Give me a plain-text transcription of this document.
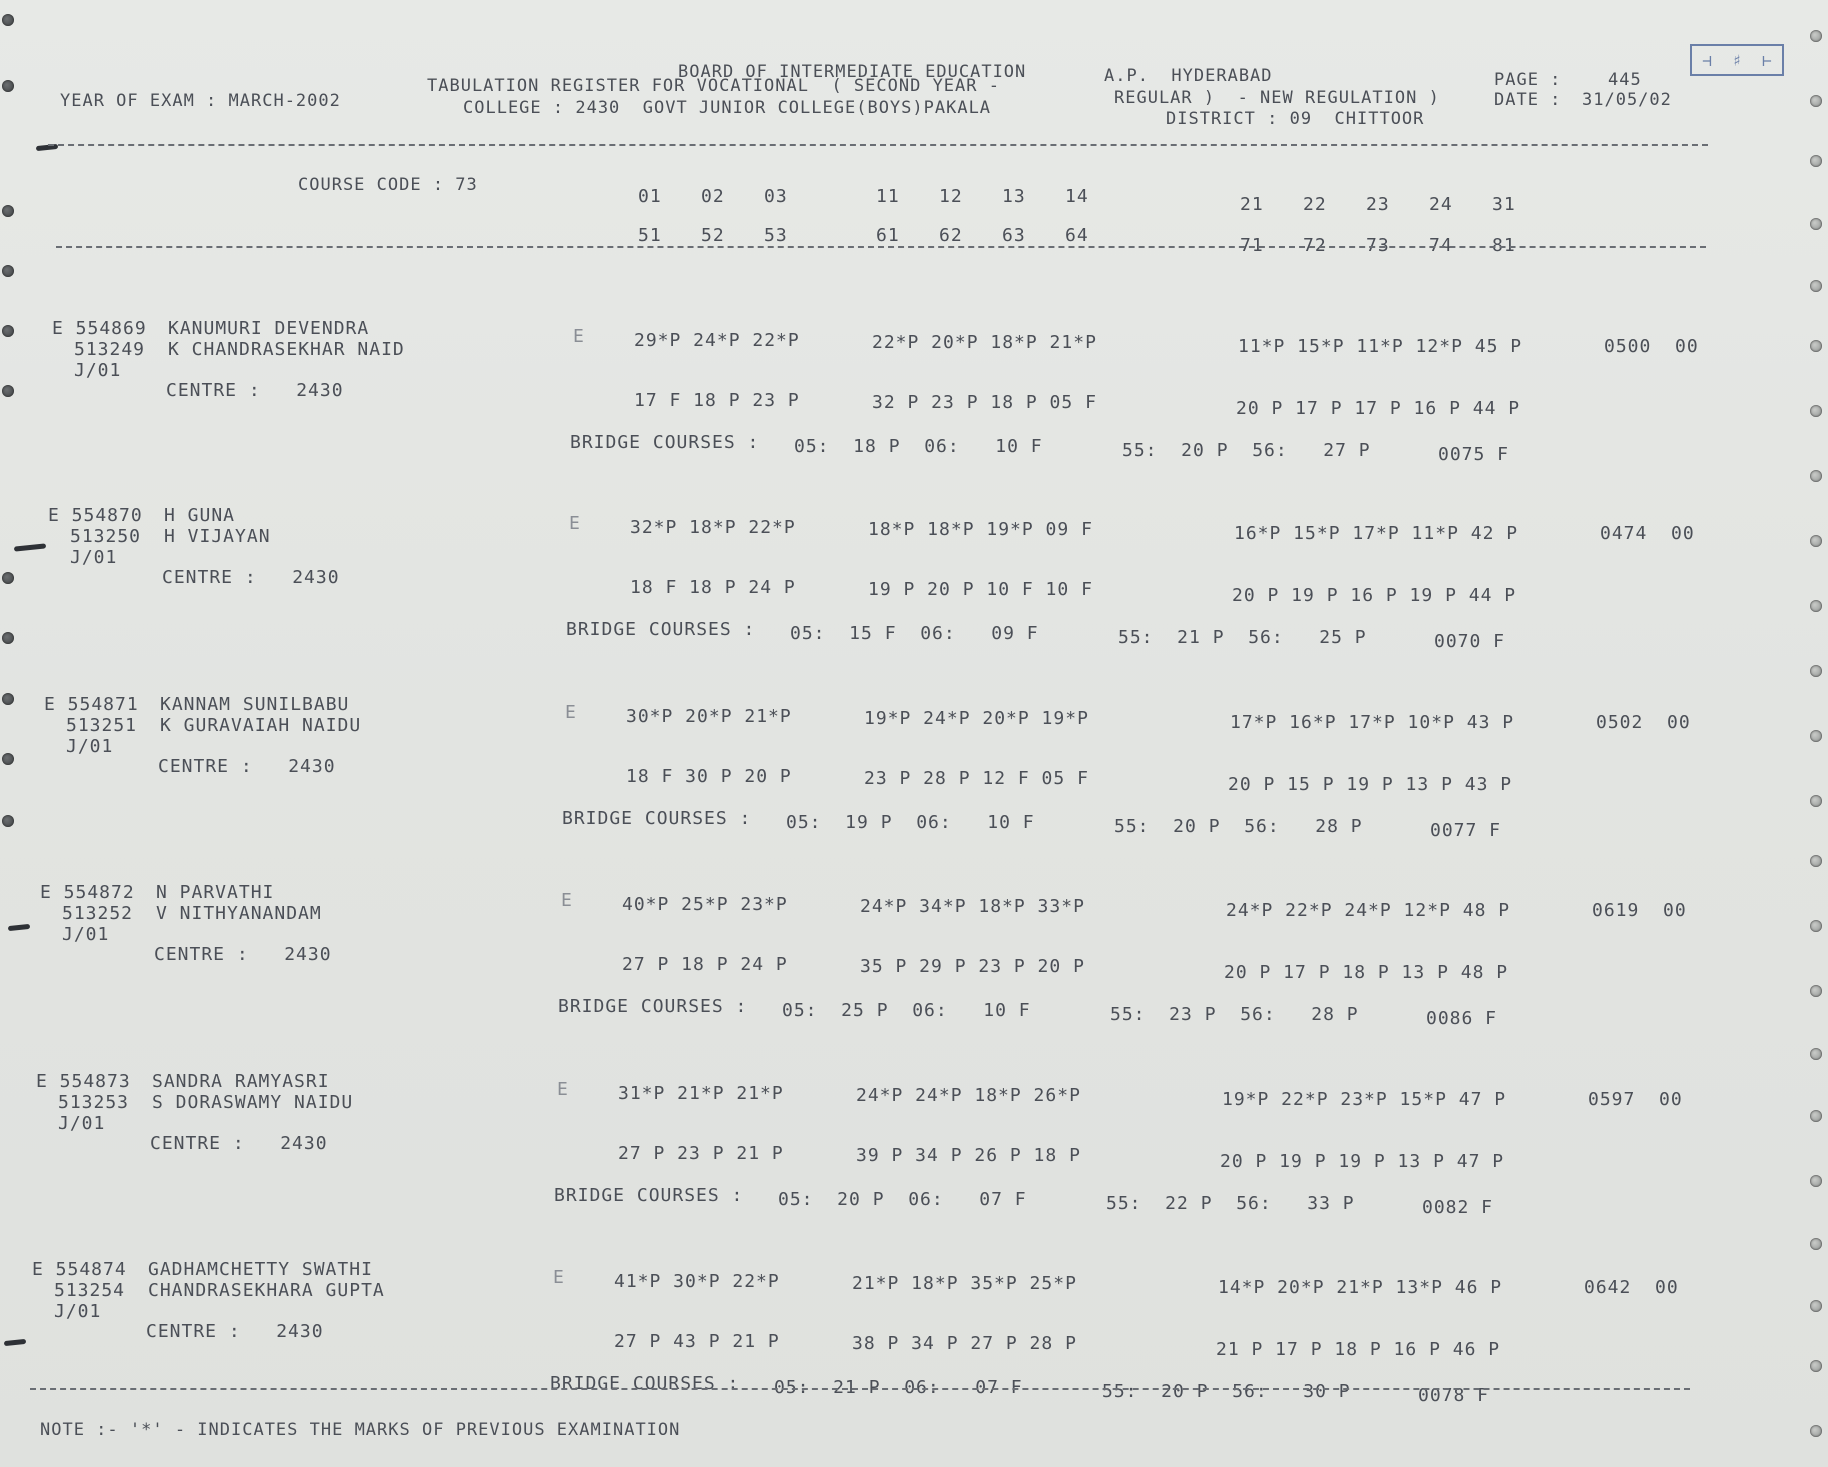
BOARD OF INTERMEDIATE EDUCATION	A.P.  HYDERABAD	PAGE :	445
⊣ ♯ ⊢
YEAR OF EXAM : MARCH-2002
TABULATION REGISTER FOR VOCATIONAL  ( SECOND YEAR -
REGULAR )  - NEW REGULATION )	DATE : 31/05/02
COLLEGE : 2430  GOVT JUNIOR COLLEGE(BOYS)PAKALA
DISTRICT : 09  CHITTOOR
COURSE CODE : 73
01 02 03	11 12 13 14	21 22 23 24 31
51 52 53	61 62 63 64	71 72 73 74 81
E 554869 KANUMURI DEVENDRA
513249 K CHANDRASEKHAR NAID
J/01
CENTRE :   2430
E	29*P 24*P 22*P	22*P 20*P 18*P 21*P	11*P 15*P 11*P 12*P 45 P	0500  00
17 F 18 P 23 P	32 P 23 P 18 P 05 F	20 P 17 P 17 P 16 P 44 P
BRIDGE COURSES : 05:  18 P  06:   10 F	55:  20 P  56:   27 P	0075 F
E 554870 H GUNA
513250 H VIJAYAN
J/01
CENTRE :   2430
E	32*P 18*P 22*P	18*P 18*P 19*P 09 F	16*P 15*P 17*P 11*P 42 P	0474  00
18 F 18 P 24 P	19 P 20 P 10 F 10 F	20 P 19 P 16 P 19 P 44 P
BRIDGE COURSES : 05:  15 F  06:   09 F	55:  21 P  56:   25 P	0070 F
E 554871 KANNAM SUNILBABU
513251 K GURAVAIAH NAIDU
J/01
CENTRE :   2430
E	30*P 20*P 21*P	19*P 24*P 20*P 19*P	17*P 16*P 17*P 10*P 43 P	0502  00
18 F 30 P 20 P	23 P 28 P 12 F 05 F	20 P 15 P 19 P 13 P 43 P
BRIDGE COURSES : 05:  19 P  06:   10 F	55:  20 P  56:   28 P	0077 F
E 554872 N PARVATHI
513252 V NITHYANANDAM
J/01
CENTRE :   2430
E	40*P 25*P 23*P	24*P 34*P 18*P 33*P	24*P 22*P 24*P 12*P 48 P	0619  00
27 P 18 P 24 P	35 P 29 P 23 P 20 P	20 P 17 P 18 P 13 P 48 P
BRIDGE COURSES : 05:  25 P  06:   10 F	55:  23 P  56:   28 P	0086 F
E 554873 SANDRA RAMYASRI
513253 S DORASWAMY NAIDU
J/01
CENTRE :   2430
E	31*P 21*P 21*P	24*P 24*P 18*P 26*P	19*P 22*P 23*P 15*P 47 P	0597  00
27 P 23 P 21 P	39 P 34 P 26 P 18 P	20 P 19 P 19 P 13 P 47 P
BRIDGE COURSES : 05:  20 P  06:   07 F	55:  22 P  56:   33 P	0082 F
E 554874 GADHAMCHETTY SWATHI
513254 CHANDRASEKHARA GUPTA
J/01
CENTRE :   2430
E	41*P 30*P 22*P	21*P 18*P 35*P 25*P	14*P 20*P 21*P 13*P 46 P	0642  00
27 P 43 P 21 P	38 P 34 P 27 P 28 P	21 P 17 P 18 P 16 P 46 P
BRIDGE COURSES : 05:  21 P  06:   07 F	55:  20 P  56:   30 P	0078 F
NOTE :- '*' - INDICATES THE MARKS OF PREVIOUS EXAMINATION
